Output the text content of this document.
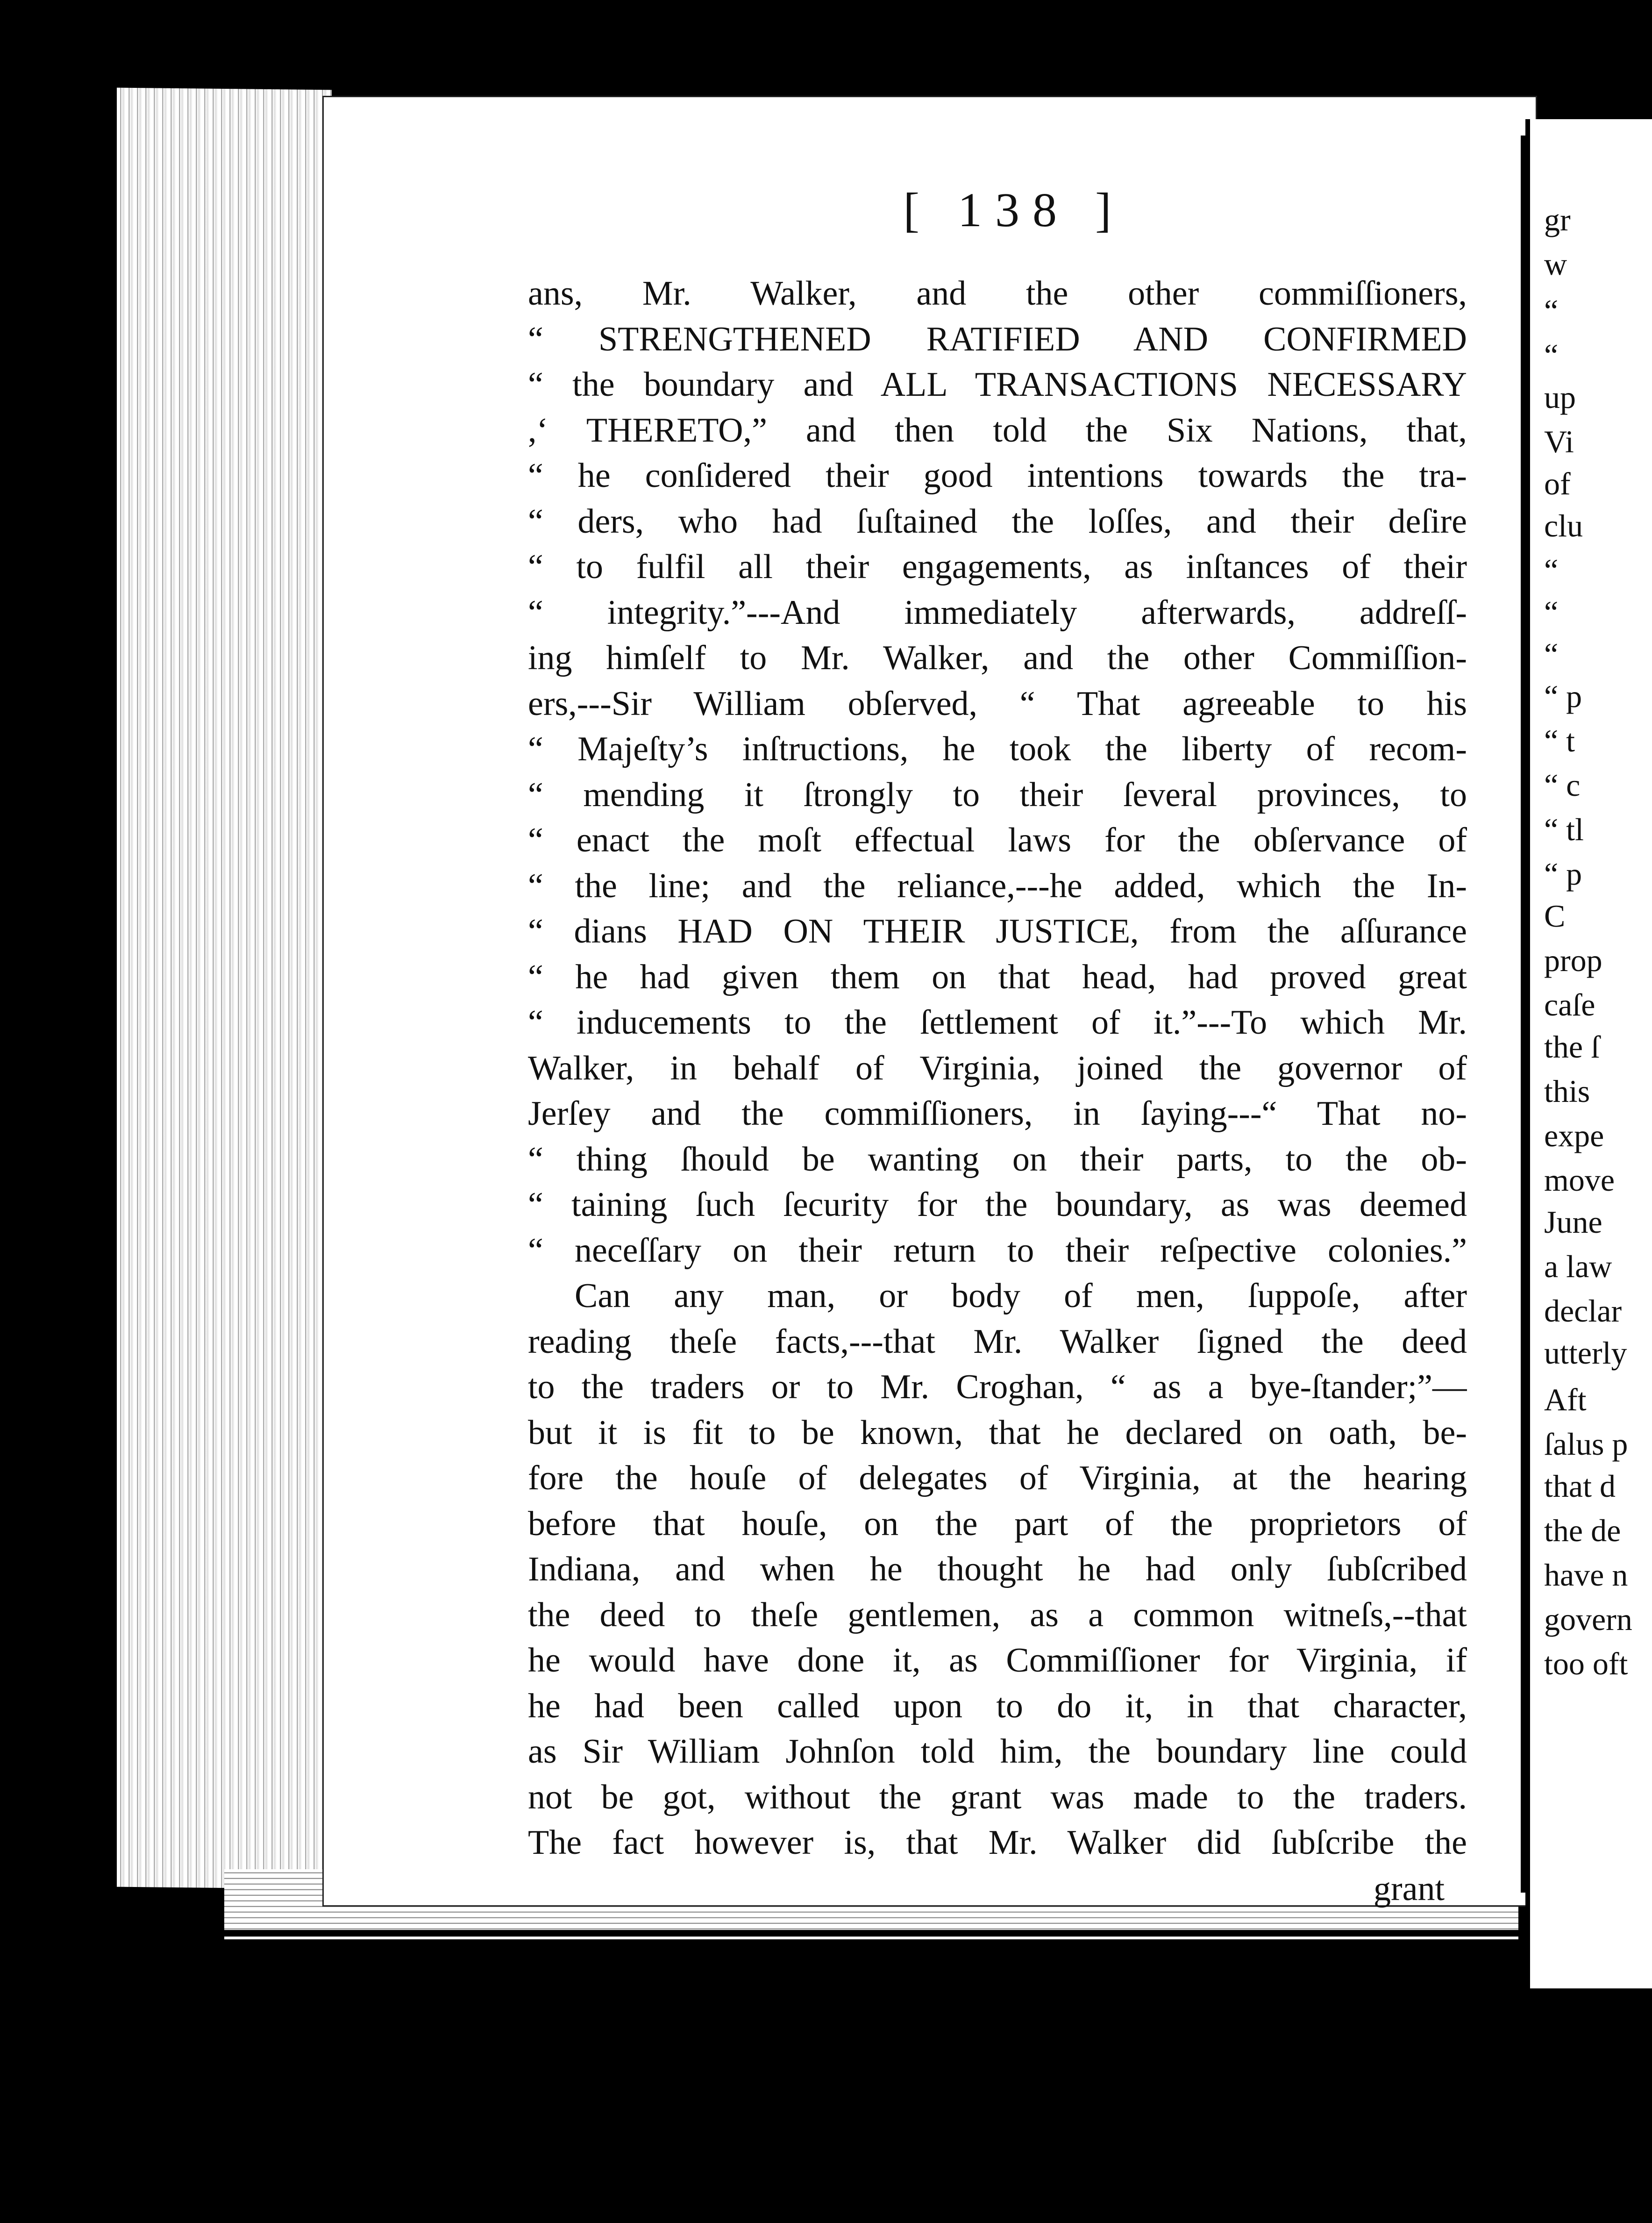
[ 138 ]
ans, Mr. Walker, and the other commiſſioners,
“ STRENGTHENED RATIFIED AND CONFIRMED
“ the boundary and ALL TRANSACTIONS NECESSARY
,‘ THERETO,” and then told the Six Nations, that,
“ he conſidered their good intentions towards the tra-
“ ders, who had ſuſtained the loſſes, and their deſire
“ to fulfil all their engagements, as inſtances of their
“ integrity.”---And immediately afterwards, addreſſ-
ing himſelf to Mr. Walker, and the other Commiſſion-
ers,---Sir William obſerved, “ That agreeable to his
“ Majeſty’s inſtructions, he took the liberty of recom-
“ mending it ſtrongly to their ſeveral provinces, to
“ enact the moſt effectual laws for the obſervance of
“ the line; and the reliance,---he added, which the In-
“ dians HAD ON THEIR JUSTICE, from the aſſurance
“ he had given them on that head, had proved great
“ inducements to the ſettlement of it.”---To which Mr.
Walker, in behalf of Virginia, joined the governor of
Jerſey and the commiſſioners, in ſaying---“ That no-
“ thing ſhould be wanting on their parts, to the ob-
“ taining ſuch ſecurity for the boundary, as was deemed
“ neceſſary on their return to their reſpective colonies.”
Can any man, or body of men, ſuppoſe, after
reading theſe facts,---that Mr. Walker ſigned the deed
to the traders or to Mr. Croghan, “ as a bye-ſtander;”—
but it is fit to be known, that he declared on oath, be-
fore the houſe of delegates of Virginia, at the hearing
before that houſe, on the part of the proprietors of
Indiana, and when he thought he had only ſubſcribed
the deed to theſe gentlemen, as a common witneſs,--that
he would have done it, as Commiſſioner for Virginia, if
he had been called upon to do it, in that character,
as Sir William Johnſon told him, the boundary line could
not be got, without the grant was made to the traders.
The fact however is, that Mr. Walker did ſubſcribe the
grant
gr
w
“
“
up
Vi
of
clu
“
“
“
“ p
“ t
“ c
“ tl
“ p
C
prop
caſe
the ſ
this
expe
move
June
a law
declar
utterly
Aft
ſalus p
that d
the de
have n
govern
too oft
